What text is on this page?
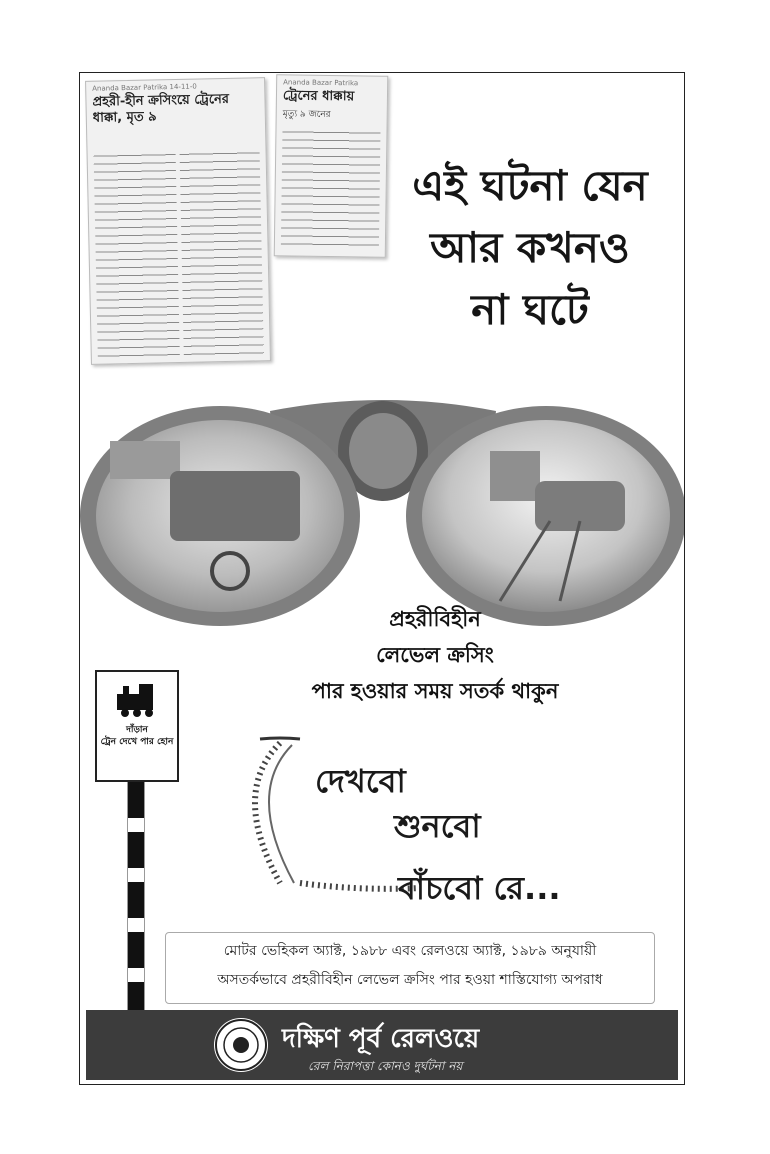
Ananda Bazar Patrika 14-11-0
প্রহরী-হীন ক্রসিংয়ে ট্রেনের ধাক্কা, মৃত ৯
Ananda Bazar Patrika
ট্রেনের ধাক্কায়
মৃত্যু ৯ জনের
এই ঘটনা যেন
আর কখনও
না ঘটে
প্রহরীবিহীন
লেভেল ক্রসিং
পার হওয়ার সময় সতর্ক থাকুন
দাঁড়ান
ট্রেন দেখে পার হোন
দেখবো
শুনবো
বাঁচবো রে...
মোটর ভেহিকল অ্যাক্ট, ১৯৮৮ এবং রেলওয়ে অ্যাক্ট, ১৯৮৯ অনুযায়ী
অসতর্কভাবে প্রহরীবিহীন লেভেল ক্রসিং পার হওয়া শাস্তিযোগ্য অপরাধ
দক্ষিণ পূর্ব রেলওয়ে
রেল নিরাপত্তা কোনও দুর্ঘটনা নয়
